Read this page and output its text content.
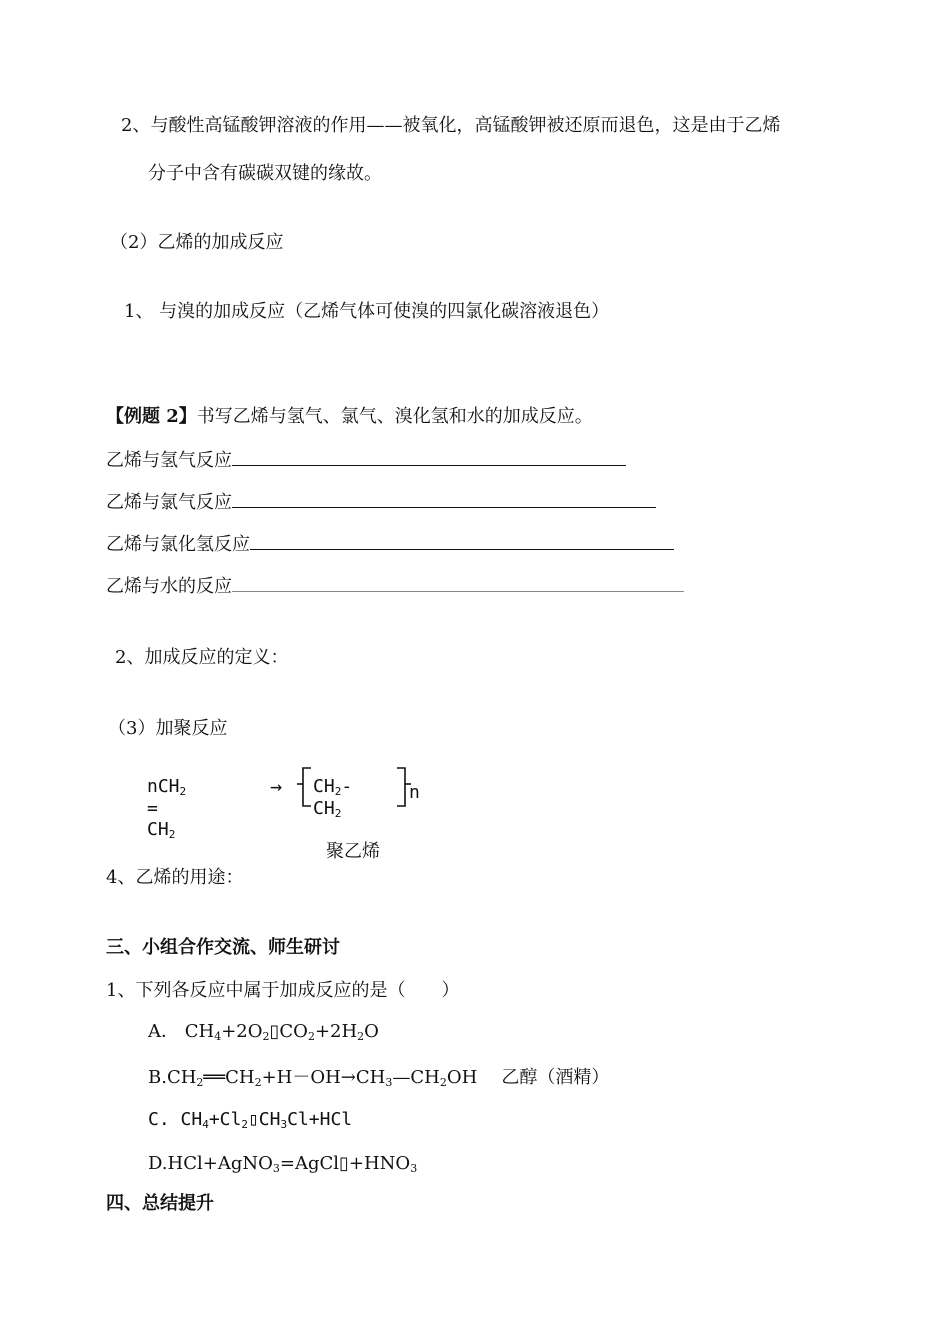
2、与酸性高锰酸钾溶液的作用——被氧化，高锰酸钾被还原而退色，这是由于乙烯
分子中含有碳碳双键的缘故。
（2）乙烯的加成反应
1、 与溴的加成反应（乙烯气体可使溴的四氯化碳溶液退色）
【例题 2】书写乙烯与氢气、氯气、溴化氢和水的加成反应。
乙烯与氢气反应
乙烯与氯气反应
乙烯与氯化氢反应
乙烯与水的反应
2、加成反应的定义：
（3）加聚反应
$nCH_2 = CH_2$
→ $CH_2-CH_2$
n
聚乙烯
4、乙烯的用途：
三、小组合作交流、师生研讨
1、下列各反应中属于加成反应的是（　　）
A． $CH_4+2O_2▯CO_2+2H_2O$
$B.CH_2══CH_2+H-OH\to CH_3—CH_2OH$ 乙醇（酒精）
C. $CH_4+Cl_2▯CH_3Cl+HCl$
$D.HCl+AgNO_3=AgCl▯+HNO_3$
四、总结提升
